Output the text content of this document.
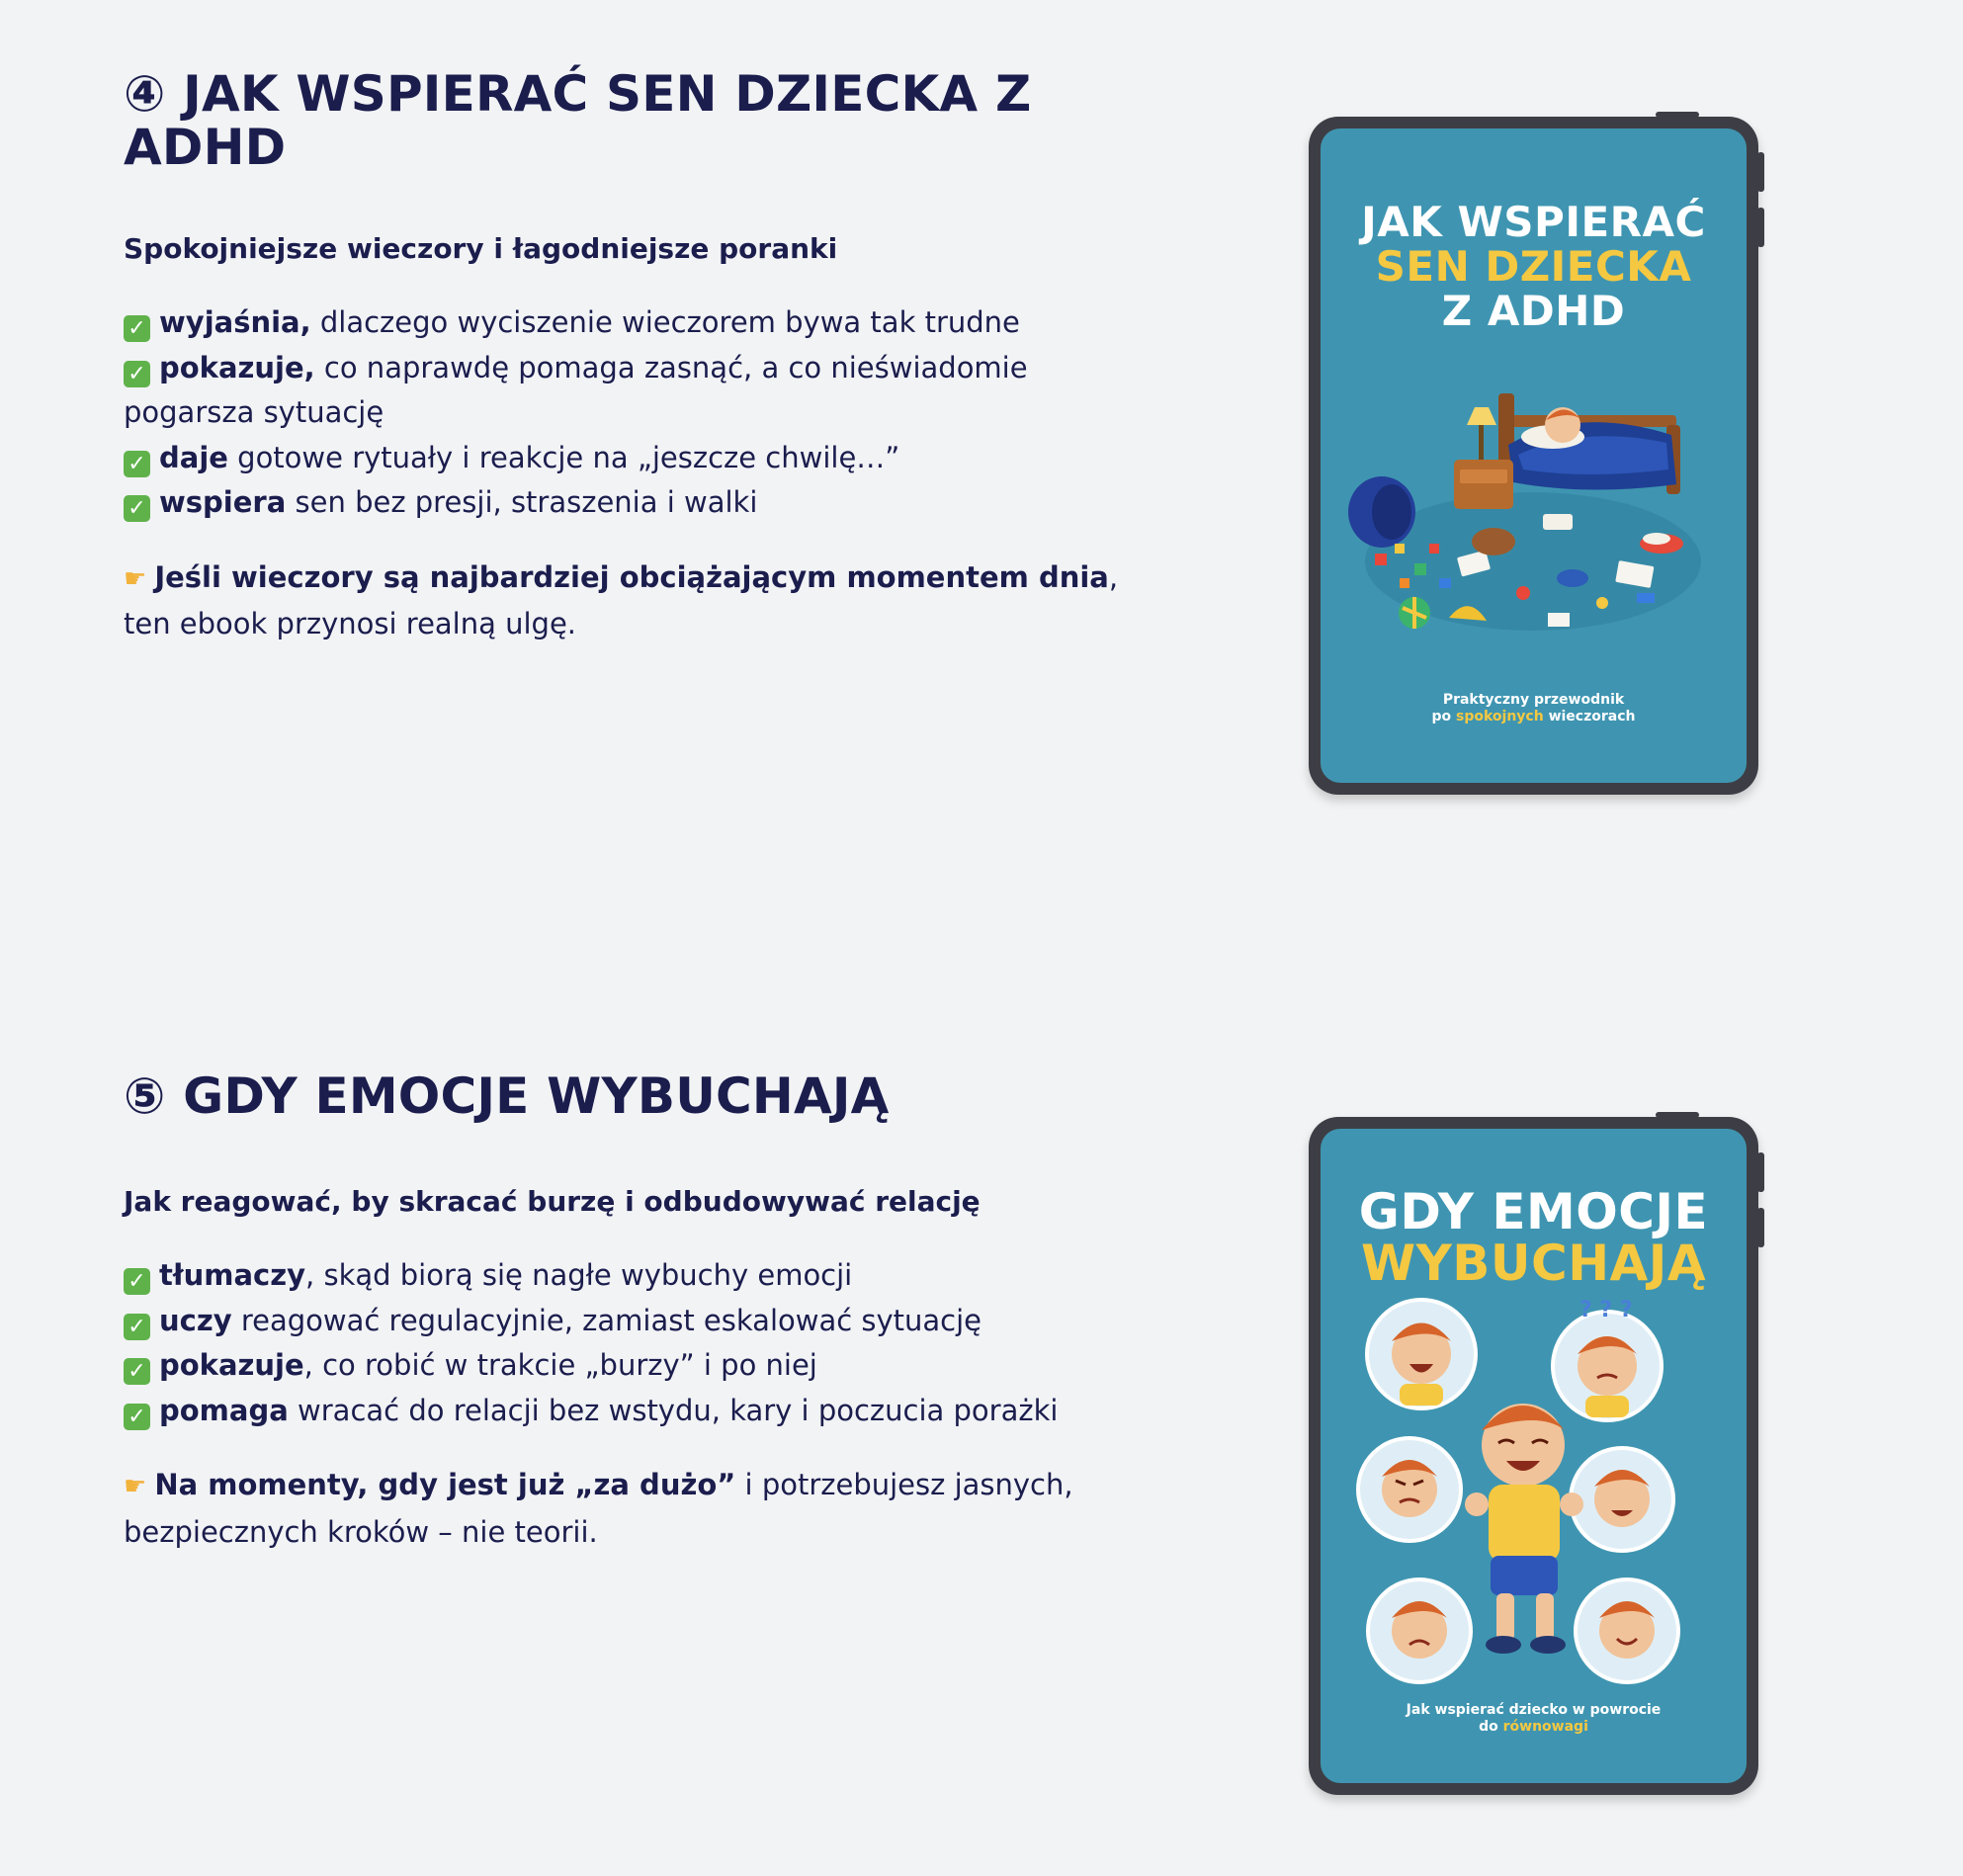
④ JAK WSPIERAĆ SEN DZIECKA Z ADHD

Spokojniejsze wieczory i łagodniejsze poranki

✓ wyjaśnia, dlaczego wyciszenie wieczorem bywa tak trudne
✓ pokazuje, co naprawdę pomaga zasnąć, a co nieświadomie pogarsza sytuację
✓ daje gotowe rytuały i reakcje na „jeszcze chwilę…”
✓ wspiera sen bez presji, straszenia i walki

☛ Jeśli wieczory są najbardziej obciążającym momentem dnia, ten ebook przynosi realną ulgę.

JAK WSPIERAĆ
SEN DZIECKA
Z ADHD
Praktyczny przewodnik
po spokojnych wieczorach
⑤ GDY EMOCJE WYBUCHAJĄ

Jak reagować, by skracać burzę i odbudowywać relację

✓ tłumaczy, skąd biorą się nagłe wybuchy emocji
✓ uczy reagować regulacyjnie, zamiast eskalować sytuację
✓ pokazuje, co robić w trakcie „burzy” i po niej
✓ pomaga wracać do relacji bez wstydu, kary i poczucia porażki

☛ Na momenty, gdy jest już „za dużo” i potrzebujesz jasnych, bezpiecznych kroków – nie teorii.

? ? ?
GDY EMOCJE
WYBUCHAJĄ
Jak wspierać dziecko w powrocie
do równowagi
